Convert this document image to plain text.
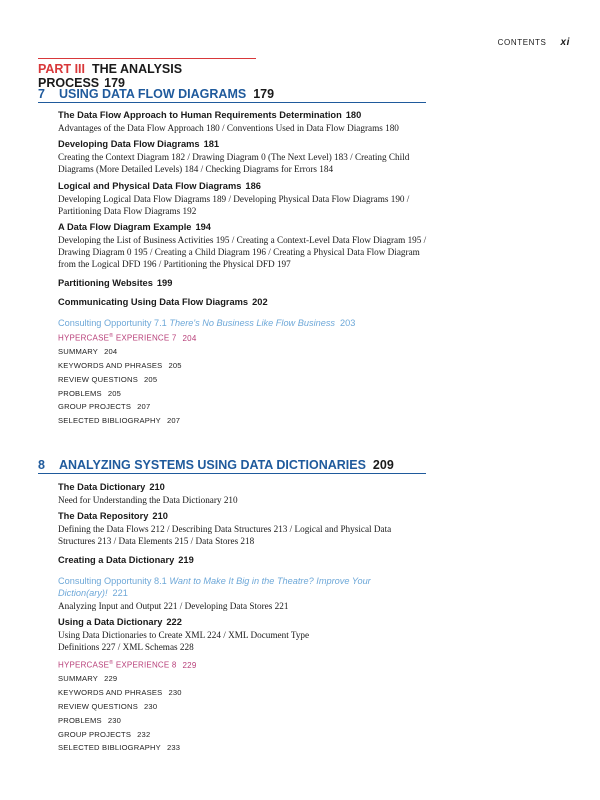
CONTENTS xi
PART III THE ANALYSIS PROCESS 179
7 USING DATA FLOW DIAGRAMS 179
The Data Flow Approach to Human Requirements Determination 180
Advantages of the Data Flow Approach 180 / Conventions Used in Data Flow Diagrams 180
Developing Data Flow Diagrams 181
Creating the Context Diagram 182 / Drawing Diagram 0 (The Next Level) 183 / Creating Child Diagrams (More Detailed Levels) 184 / Checking Diagrams for Errors 184
Logical and Physical Data Flow Diagrams 186
Developing Logical Data Flow Diagrams 189 / Developing Physical Data Flow Diagrams 190 / Partitioning Data Flow Diagrams 192
A Data Flow Diagram Example 194
Developing the List of Business Activities 195 / Creating a Context-Level Data Flow Diagram 195 / Drawing Diagram 0 195 / Creating a Child Diagram 196 / Creating a Physical Data Flow Diagram from the Logical DFD 196 / Partitioning the Physical DFD 197
Partitioning Websites 199
Communicating Using Data Flow Diagrams 202
Consulting Opportunity 7.1 There's No Business Like Flow Business 203
HYPERCASE® EXPERIENCE 7 204
SUMMARY 204
KEYWORDS AND PHRASES 205
REVIEW QUESTIONS 205
PROBLEMS 205
GROUP PROJECTS 207
SELECTED BIBLIOGRAPHY 207
8 ANALYZING SYSTEMS USING DATA DICTIONARIES 209
The Data Dictionary 210
Need for Understanding the Data Dictionary 210
The Data Repository 210
Defining the Data Flows 212 / Describing Data Structures 213 / Logical and Physical Data Structures 213 / Data Elements 215 / Data Stores 218
Creating a Data Dictionary 219
Consulting Opportunity 8.1 Want to Make It Big in the Theatre? Improve Your Diction(ary)! 221
Analyzing Input and Output 221 / Developing Data Stores 221
Using a Data Dictionary 222
Using Data Dictionaries to Create XML 224 / XML Document Type Definitions 227 / XML Schemas 228
HYPERCASE® EXPERIENCE 8 229
SUMMARY 229
KEYWORDS AND PHRASES 230
REVIEW QUESTIONS 230
PROBLEMS 230
GROUP PROJECTS 232
SELECTED BIBLIOGRAPHY 233
